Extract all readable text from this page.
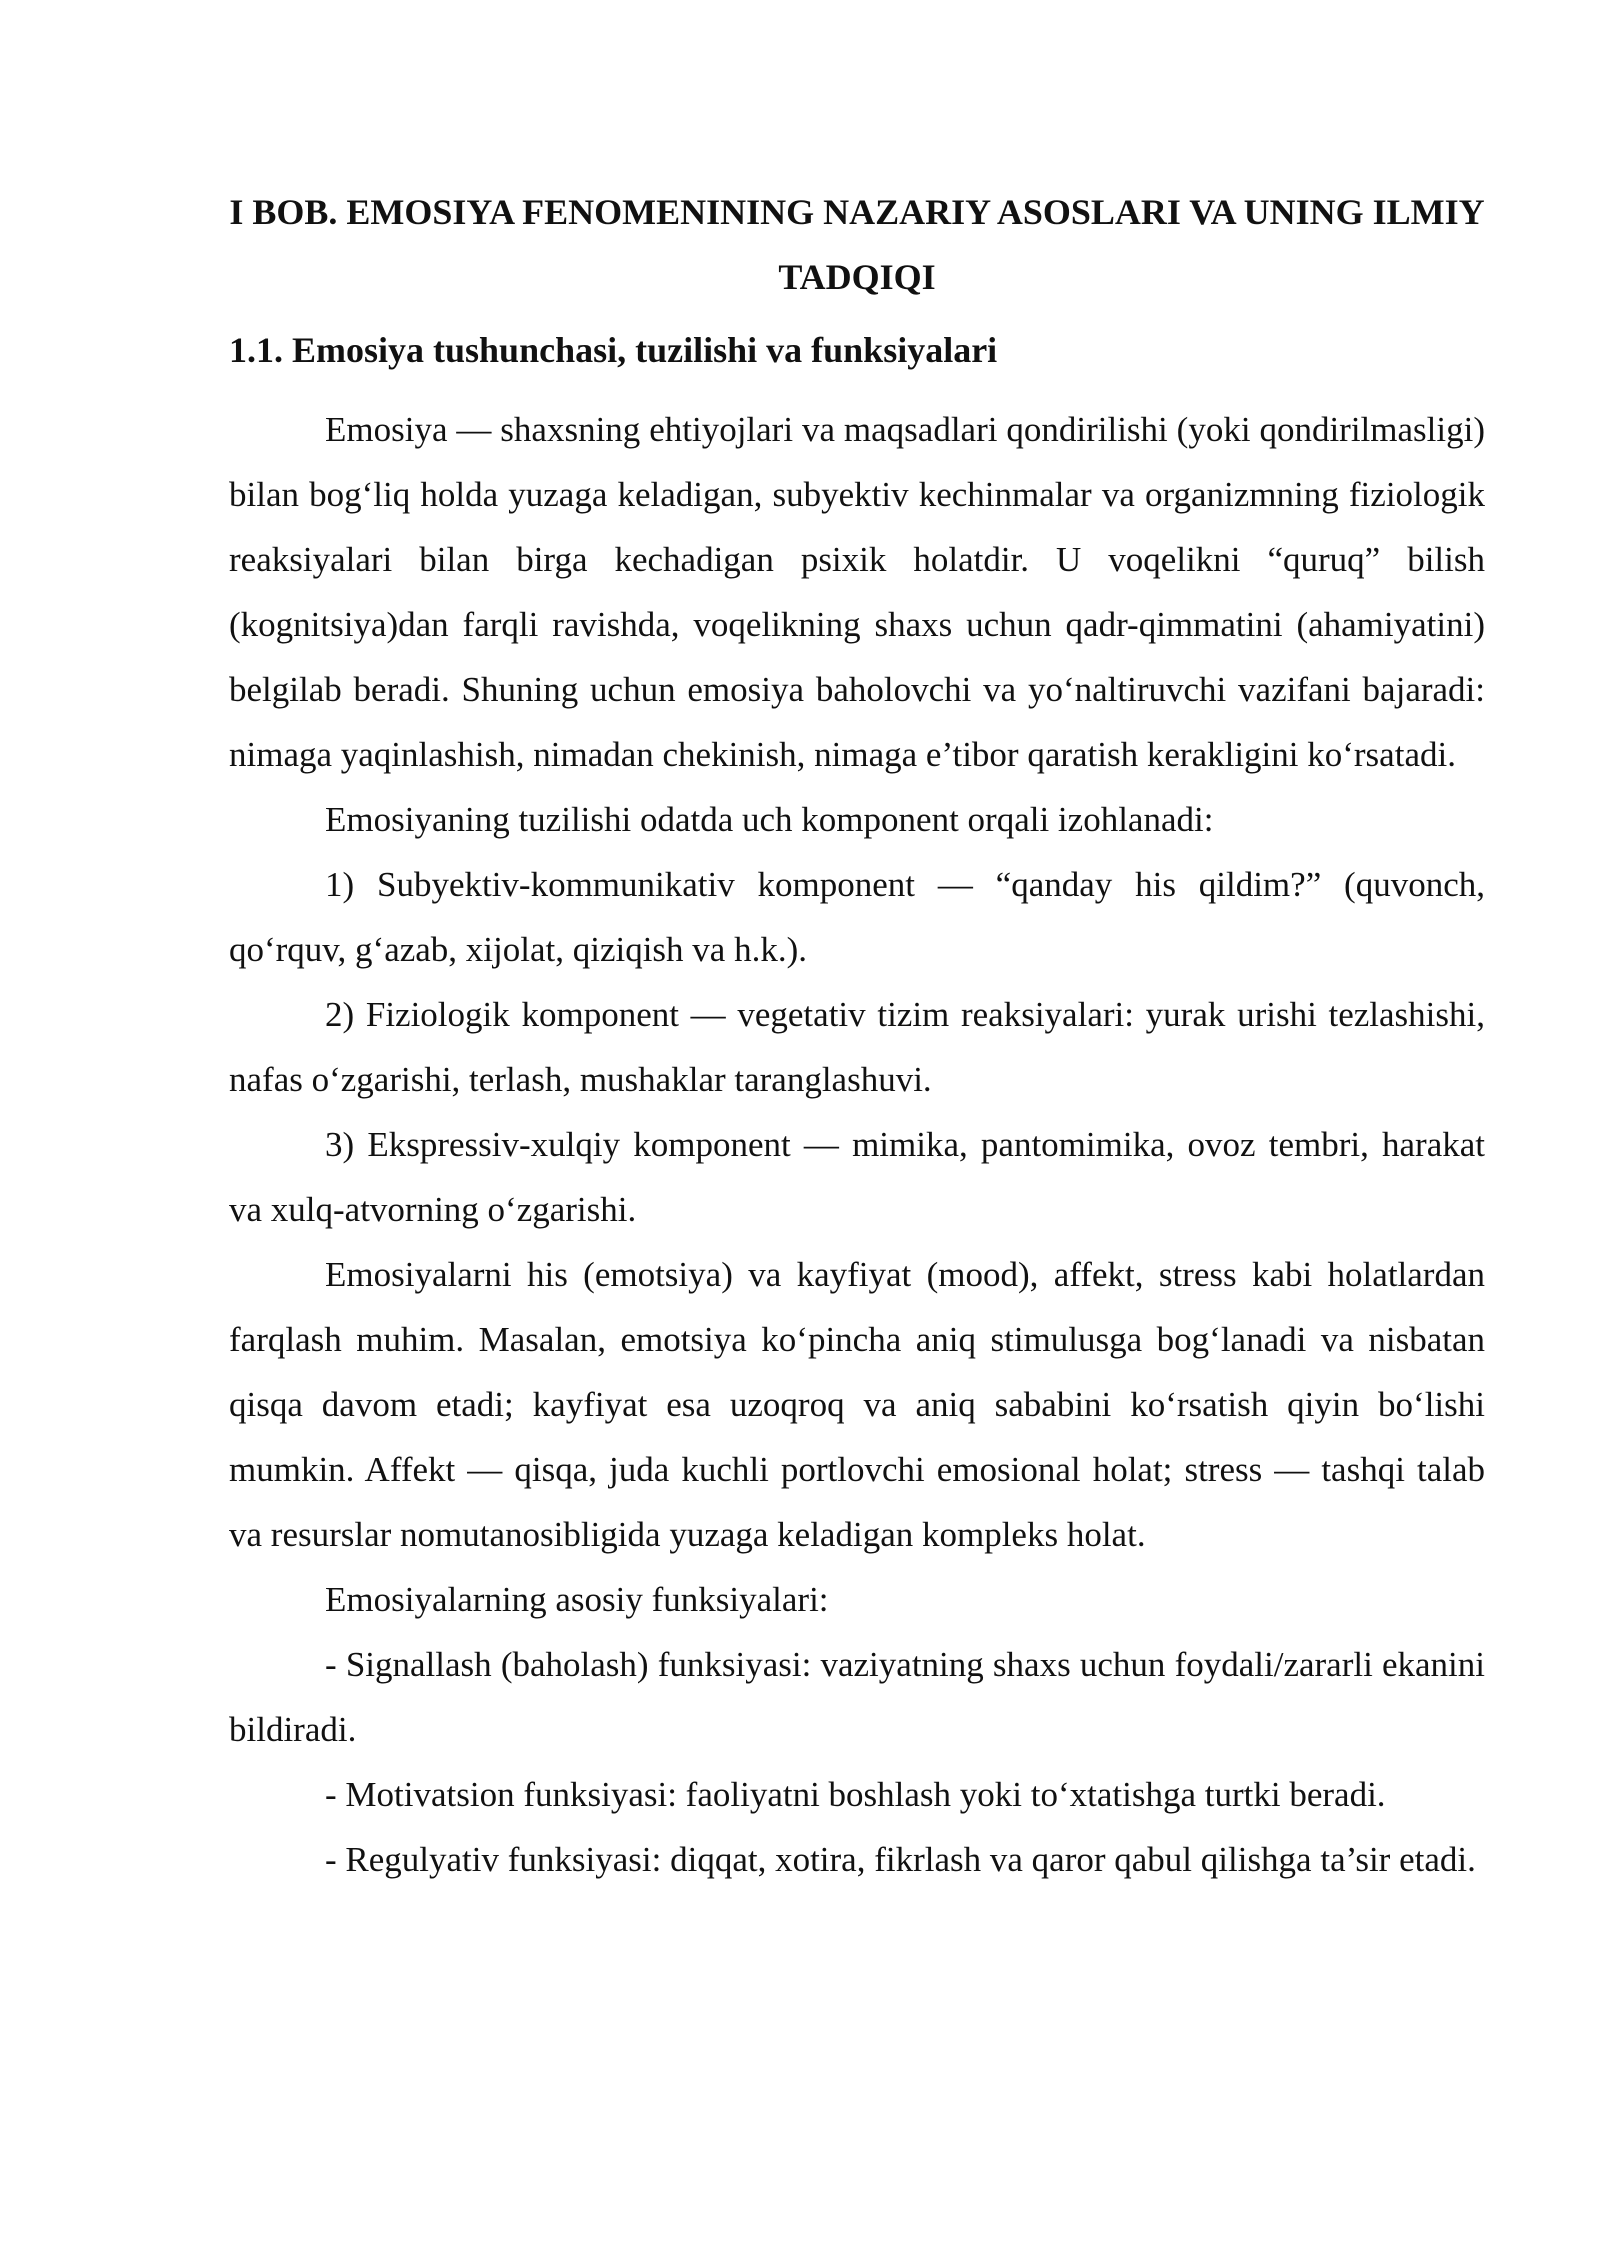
I BOB. EMOSIYA FENOMENINING NAZARIY ASOSLARI VA UNING ILMIY TADQIQI
1.1. Emosiya tushunchasi, tuzilishi va funksiyalari

Emosiya — shaxsning ehtiyojlari va maqsadlari qondirilishi (yoki qondirilmasligi) bilan bog‘liq holda yuzaga keladigan, subyektiv kechinmalar va organizmning fiziologik reaksiyalari bilan birga kechadigan psixik holatdir. U voqelikni “quruq” bilish (kognitsiya)dan farqli ravishda, voqelikning shaxs uchun qadr-qimmatini (ahamiyatini) belgilab beradi. Shuning uchun emosiya baholovchi va yo‘naltiruvchi vazifani bajaradi: nimaga yaqinlashish, nimadan chekinish, nimaga e’tibor qaratish kerakligini ko‘rsatadi.

Emosiyaning tuzilishi odatda uch komponent orqali izohlanadi:

1) Subyektiv-kommunikativ komponent — “qanday his qildim?” (quvonch, qo‘rquv, g‘azab, xijolat, qiziqish va h.k.).

2) Fiziologik komponent — vegetativ tizim reaksiyalari: yurak urishi tezlashishi, nafas o‘zgarishi, terlash, mushaklar taranglashuvi.

3) Ekspressiv-xulqiy komponent — mimika, pantomimika, ovoz tembri, harakat va xulq-atvorning o‘zgarishi.

Emosiyalarni his (emotsiya) va kayfiyat (mood), affekt, stress kabi holatlardan farqlash muhim. Masalan, emotsiya ko‘pincha aniq stimulusga bog‘lanadi va nisbatan qisqa davom etadi; kayfiyat esa uzoqroq va aniq sababini ko‘rsatish qiyin bo‘lishi mumkin. Affekt — qisqa, juda kuchli portlovchi emosional holat; stress — tashqi talab va resurslar nomutanosibligida yuzaga keladigan kompleks holat.

Emosiyalarning asosiy funksiyalari:

- Signallash (baholash) funksiyasi: vaziyatning shaxs uchun foydali/zararli ekanini bildiradi.

- Motivatsion funksiyasi: faoliyatni boshlash yoki to‘xtatishga turtki beradi.

- Regulyativ funksiyasi: diqqat, xotira, fikrlash va qaror qabul qilishga ta’sir etadi.
